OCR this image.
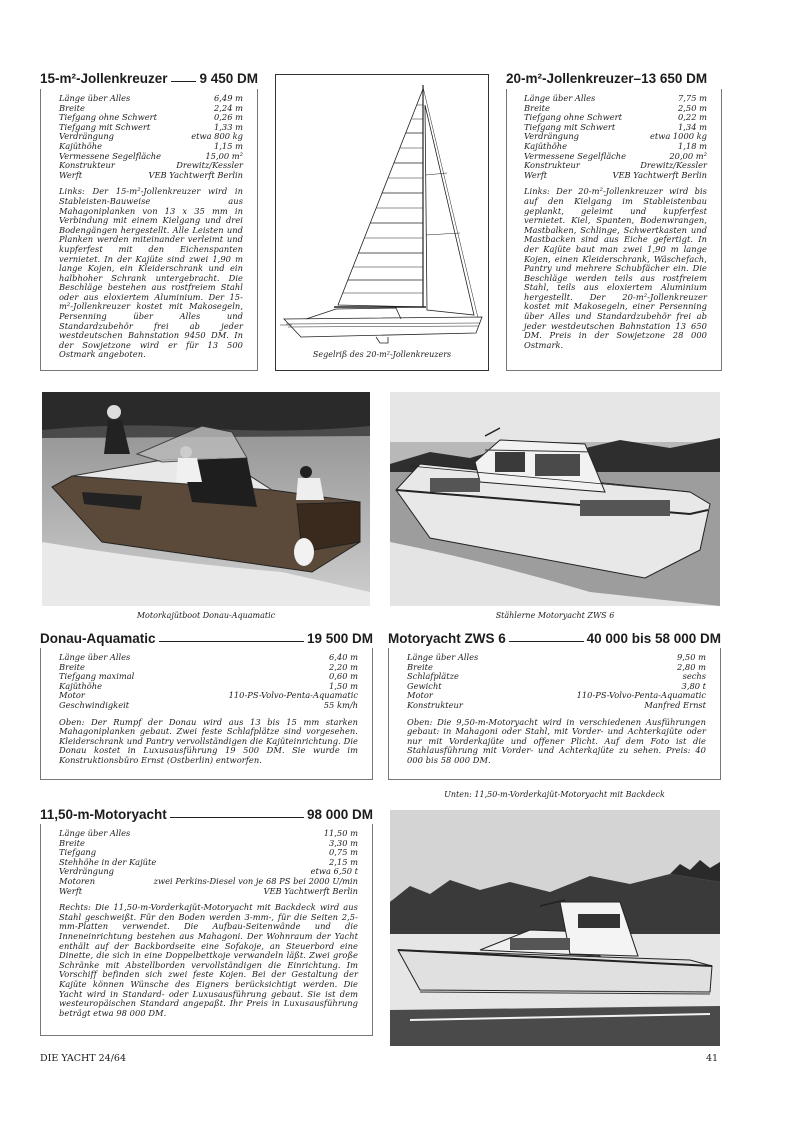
15-m²-Jollenkreuzer 9 450 DM
Länge über Alles	6,49 m
Breite	2,24 m
Tiefgang ohne Schwert	0,26 m
Tiefgang mit Schwert	1,33 m
Verdrängung	etwa 800 kg
Kajüthöhe	1,15 m
Vermessene Segelfläche	15,00 m²
Konstrukteur	Drewitz/Kessler
Werft	VEB Yachtwerft Berlin
Links: Der 15-m²-Jollenkreuzer wird in Stableisten-Bauweise aus Mahagoniplanken von 13 x 35 mm in Verbindung mit einem Kielgang und drei Bodengängen hergestellt. Alle Leisten und Planken werden miteinander verleimt und kupferfest mit den Eichenspanten vernietet. In der Kajüte sind zwei 1,90 m lange Kojen, ein Kleiderschrank und ein halbhoher Schrank untergebracht. Die Beschläge bestehen aus rostfreiem Stahl oder aus eloxiertem Aluminium. Der 15-m²-Jollenkreuzer kostet mit Makosegeln, Persenning über Alles und Standardzubehör frei ab jeder westdeutschen Bahnstation 9450 DM. In der Sowjetzone wird er für 13 500 Ostmark angeboten.	Segelriß des 20-m²-Jollenkreuzers
20-m²-Jollenkreuzer – 13 650 DM
Länge über Alles	7,75 m
Breite	2,50 m
Tiefgang ohne Schwert	0,22 m
Tiefgang mit Schwert	1,34 m
Verdrängung	etwa 1000 kg
Kajüthöhe	1,18 m
Vermessene Segelfläche	20,00 m²
Konstrukteur	Drewitz/Kessler
Werft	VEB Yachtwerft Berlin
Links: Der 20-m²-Jollenkreuzer wird bis auf den Kielgang im Stableistenbau geplankt, geleimt und kupferfest vernietet. Kiel, Spanten, Bodenwrangen, Mastbalken, Schlinge, Schwertkasten und Mastbacken sind aus Eiche gefertigt. In der Kajüte baut man zwei 1,90 m lange Kojen, einen Kleiderschrank, Wäschefach, Pantry und mehrere Schubfächer ein. Die Beschläge werden teils aus rostfreiem Stahl, teils aus eloxiertem Aluminium hergestellt. Der 20-m²-Jollenkreuzer kostet mit Makosegeln, einer Persenning über Alles und Standardzubehör frei ab jeder westdeutschen Bahnstation 13 650 DM. Preis in der Sowjetzone 28 000 Ostmark.
Motorkajütboot Donau-Aquamatic	Stählerne Motoryacht ZWS 6
Donau-Aquamatic	19 500 DM
Länge über Alles	6,40 m
Breite	2,20 m
Tiefgang maximal	0,60 m
Kajüthöhe	1,50 m
Motor	110-PS-Volvo-Penta-Aquamatic
Geschwindigkeit	55 km/h
Oben: Der Rumpf der Donau wird aus 13 bis 15 mm starken Mahagoniplanken gebaut. Zwei feste Schlafplätze sind vorgesehen. Kleiderschrank und Pantry vervollständigen die Kajüteinrichtung. Die Donau kostet in Luxusausführung 19 500 DM. Sie wurde im Konstruktionsbüro Ernst (Ostberlin) entworfen.
Motoryacht ZWS 6	40 000 bis 58 000 DM
Länge über Alles	9,50 m
Breite	2,80 m
Schlafplätze	sechs
Gewicht	3,80 t
Motor	110-PS-Volvo-Penta-Aquamatic
Konstrukteur	Manfred Ernst
Oben: Die 9,50-m-Motoryacht wird in verschiedenen Ausführungen gebaut: in Mahagoni oder Stahl, mit Vorder- und Achterkajüte oder nur mit Vorderkajüte und offener Plicht. Auf dem Foto ist die Stahlausführung mit Vorder- und Achterkajüte zu sehen. Preis: 40 000 bis 58 000 DM.
Unten: 11,50-m-Vorderkajüt-Motoryacht mit Backdeck
11,50-m-Motoryacht	98 000 DM
Länge über Alles	11,50 m
Breite	3,30 m
Tiefgang	0,75 m
Stehhöhe in der Kajüte	2,15 m
Verdrängung	etwa 6,50 t
Motoren	zwei Perkins-Diesel von je 68 PS bei 2000 U/min
Werft	VEB Yachtwerft Berlin
Rechts: Die 11,50-m-Vorderkajüt-Motoryacht mit Backdeck wird aus Stahl geschweißt. Für den Boden werden 3-mm-, für die Seiten 2,5-mm-Platten verwendet. Die Aufbau-Seitenwände und die Inneneinrichtung bestehen aus Mahagoni. Der Wohnraum der Yacht enthält auf der Backbordseite eine Sofakoje, an Steuerbord eine Dinette, die sich in eine Doppelbettkoje verwandeln läßt. Zwei große Schränke mit Abstellborden vervollständigen die Einrichtung. Im Vorschiff befinden sich zwei feste Kojen. Bei der Gestaltung der Kajüte können Wünsche des Eigners berücksichtigt werden. Die Yacht wird in Standard- oder Luxusausführung gebaut. Sie ist dem westeuropäischen Standard angepaßt. Ihr Preis in Luxusausführung beträgt etwa 98 000 DM.
DIE YACHT 24/64	41
